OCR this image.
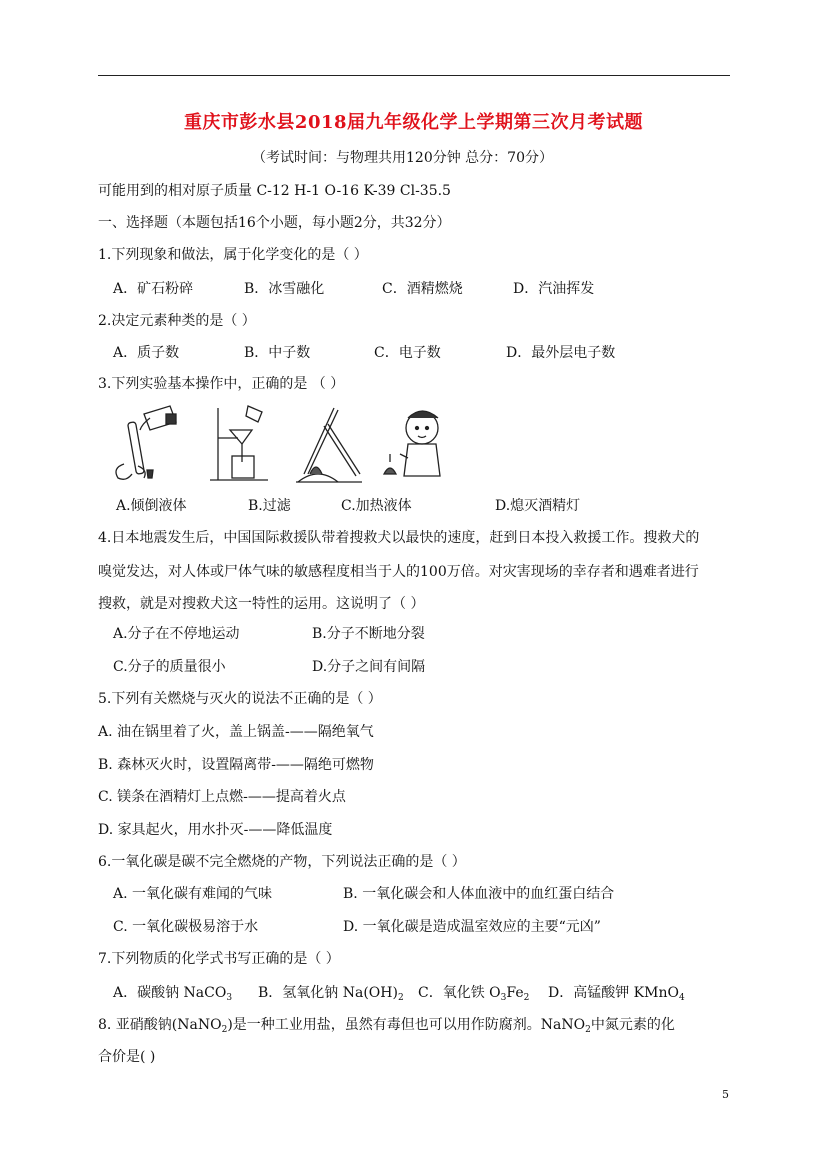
重庆市彭水县2018届九年级化学上学期第三次月考试题
（考试时间：与物理共用120分钟 总分：70分）
可能用到的相对原子质量 C-12 H-1 O-16 K-39 Cl-35.5
一、选择题（本题包括16个小题，每小题2分，共32分）
1.下列现象和做法，属于化学变化的是（ ）
A．矿石粉碎	B．冰雪融化	C．酒精燃烧	D．汽油挥发
2.决定元素种类的是（ ）
A．质子数	B．中子数	C．电子数	D．最外层电子数
3.下列实验基本操作中，正确的是 （ ）
A.倾倒液体	B.过滤	C.加热液体	D.熄灭酒精灯
4.日本地震发生后，中国国际救援队带着搜救犬以最快的速度，赶到日本投入救援工作。搜救犬的
嗅觉发达，对人体或尸体气味的敏感程度相当于人的100万倍。对灾害现场的幸存者和遇难者进行
搜救，就是对搜救犬这一特性的运用。这说明了（ ）
A.分子在不停地运动	B.分子不断地分裂
C.分子的质量很小	D.分子之间有间隔
5.下列有关燃烧与灭火的说法不正确的是（ ）
A. 油在锅里着了火，盖上锅盖-——隔绝氧气
B. 森林灭火时，设置隔离带-——隔绝可燃物
C. 镁条在酒精灯上点燃-——提高着火点
D. 家具起火，用水扑灭-——降低温度
6.一氧化碳是碳不完全燃烧的产物，下列说法正确的是（ ）
A. 一氧化碳有难闻的气味	B. 一氧化碳会和人体血液中的血红蛋白结合
C. 一氧化碳极易溶于水	D. 一氧化碳是造成温室效应的主要“元凶”
7.下列物质的化学式书写正确的是（ ）
A．碳酸钠 NaCO$_3$ B．氢氧化钠 $Na(OH)_2$ C．氧化铁 $O_3Fe_2$ D．高锰酸钾 KMnO$_4$
8. 亚硝酸钠(NaNO$_2$)是一种工业用盐，虽然有毒但也可以用作防腐剂。NaNO$_2$中氮元素的化
合价是( )
5
